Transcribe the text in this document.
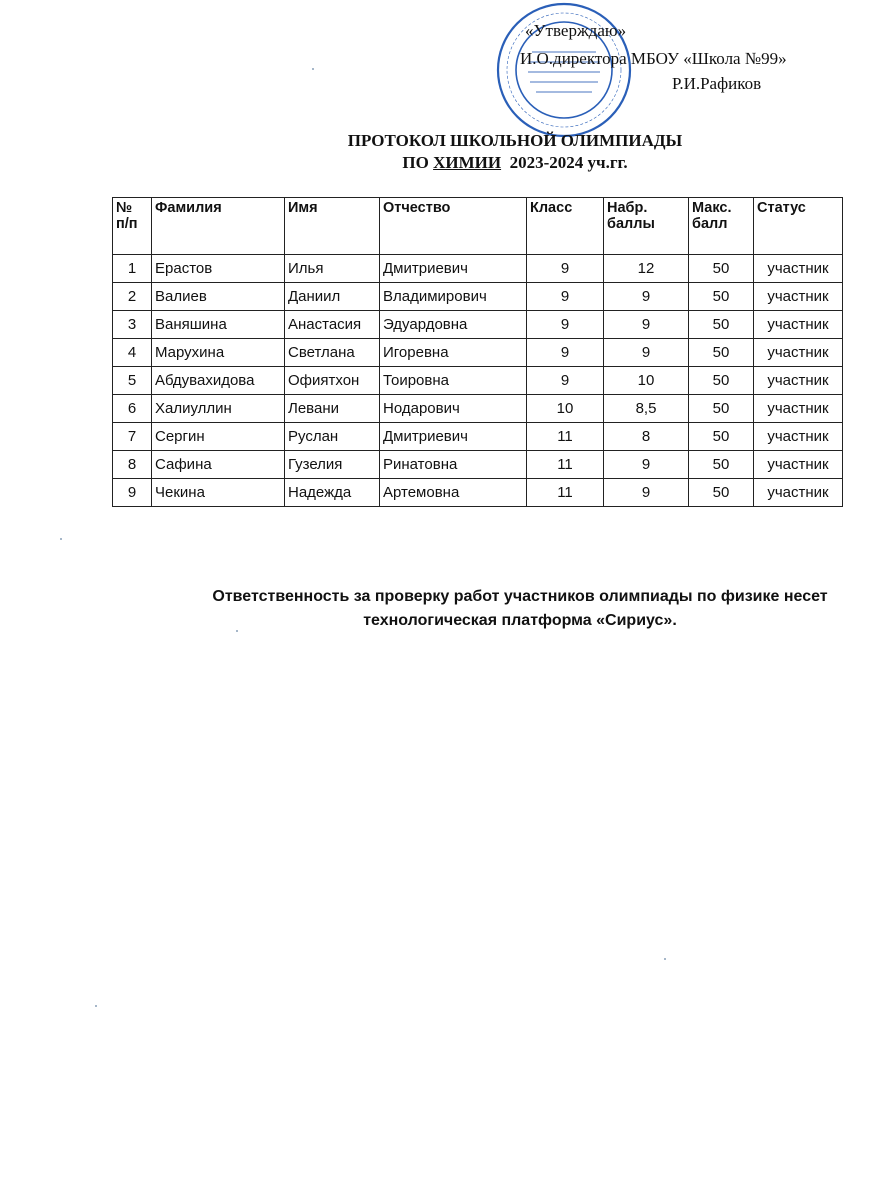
«Утверждаю»
И.О.директора МБОУ «Школа №99»
Р.И.Рафиков
ПРОТОКОЛ ШКОЛЬНОЙ ОЛИМПИАДЫ
ПО ХИМИИ 2023-2024 уч.гг.
№ п/п	Фамилия	Имя	Отчество	Класс	Набр. баллы	Макс. балл	Статус
1	Ерастов	Илья	Дмитриевич	9	12	50	участник
2	Валиев	Даниил	Владимирович	9	9	50	участник
3	Ваняшина	Анастасия	Эдуардовна	9	9	50	участник
4	Марухина	Светлана	Игоревна	9	9	50	участник
5	Абдувахидова	Офиятхон	Тоировна	9	10	50	участник
6	Халиуллин	Левани	Нодарович	10	8,5	50	участник
7	Сергин	Руслан	Дмитриевич	11	8	50	участник
8	Сафина	Гузелия	Ринатовна	11	9	50	участник
9	Чекина	Надежда	Артемовна	11	9	50	участник
Ответственность за проверку работ участников олимпиады по физике несет
технологическая платформа «Сириус».
